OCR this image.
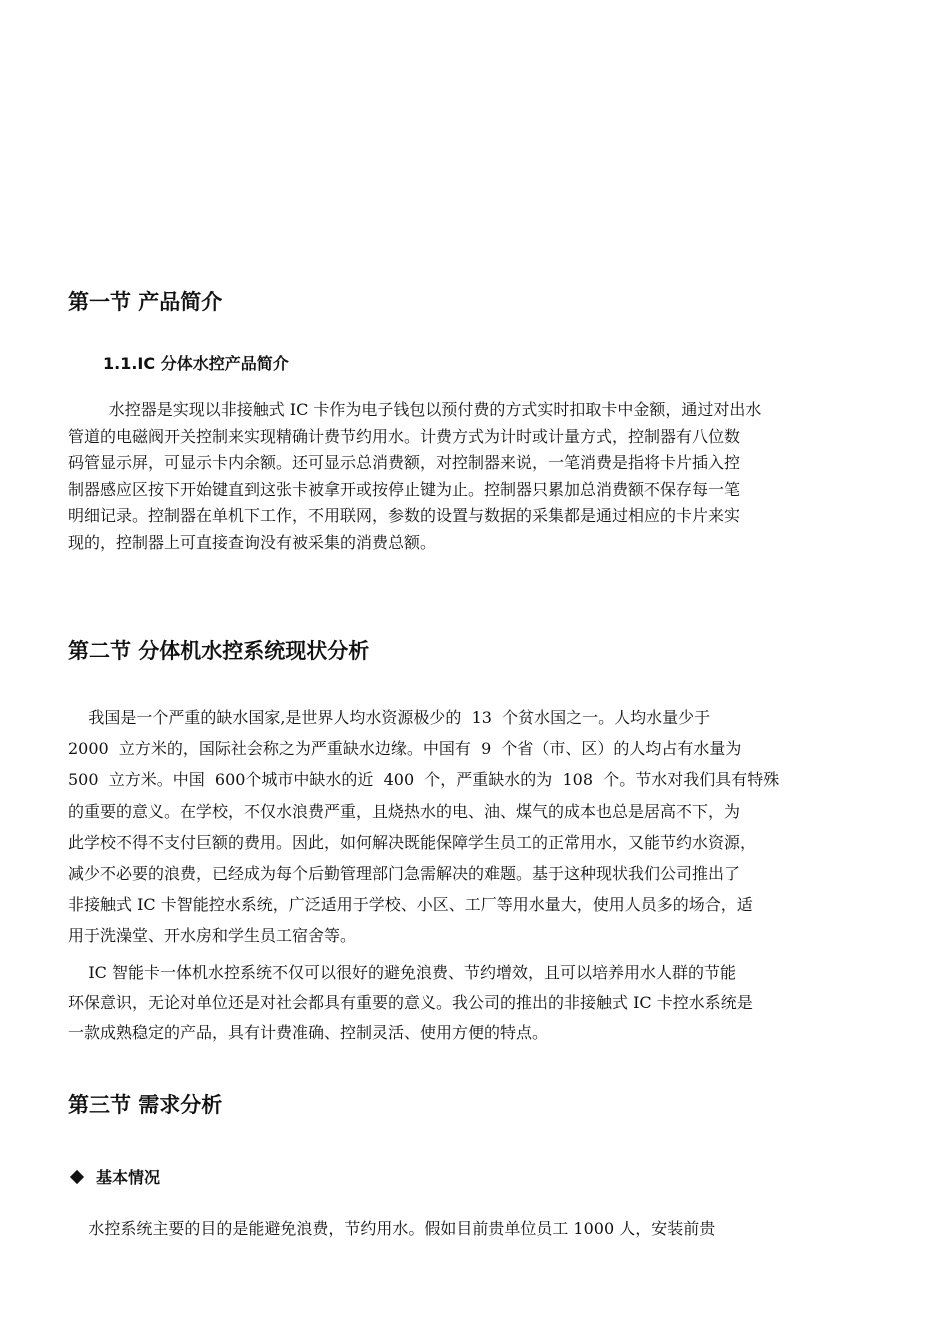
第一节 产品简介
1.1.IC 分体水控产品简介

水控器是实现以非接触式 IC 卡作为电子钱包以预付费的方式实时扣取卡中金额，通过对出水
管道的电磁阀开关控制来实现精确计费节约用水。计费方式为计时或计量方式，控制器有八位数
码管显示屏，可显示卡内余额。还可显示总消费额，对控制器来说，一笔消费是指将卡片插入控
制器感应区按下开始键直到这张卡被拿开或按停止键为止。控制器只累加总消费额不保存每一笔
明细记录。控制器在单机下工作，不用联网，参数的设置与数据的采集都是通过相应的卡片来实
现的，控制器上可直接查询没有被采集的消费总额。

第二节 分体机水控系统现状分析

我国是一个严重的缺水国家,是世界人均水资源极少的  13  个贫水国之一。人均水量少于
2000  立方米的，国际社会称之为严重缺水边缘。中国有  9  个省（市、区）的人均占有水量为
500  立方米。中国  600个城市中缺水的近  400  个，严重缺水的为  108  个。节水对我们具有特殊
的重要的意义。在学校，不仅水浪费严重，且烧热水的电、油、煤气的成本也总是居高不下，为
此学校不得不支付巨额的费用。因此，如何解决既能保障学生员工的正常用水，又能节约水资源，
减少不必要的浪费，已经成为每个后勤管理部门急需解决的难题。基于这种现状我们公司推出了
非接触式 IC 卡智能控水系统，广泛适用于学校、小区、工厂等用水量大，使用人员多的场合，适
用于洗澡堂、开水房和学生员工宿舍等。

IC 智能卡一体机水控系统不仅可以很好的避免浪费、节约增效，且可以培养用水人群的节能
环保意识，无论对单位还是对社会都具有重要的意义。我公司的推出的非接触式 IC 卡控水系统是
一款成熟稳定的产品，具有计费准确、控制灵活、使用方便的特点。

第三节 需求分析
基本情况

水控系统主要的目的是能避免浪费，节约用水。假如目前贵单位员工 1000 人，安装前贵
